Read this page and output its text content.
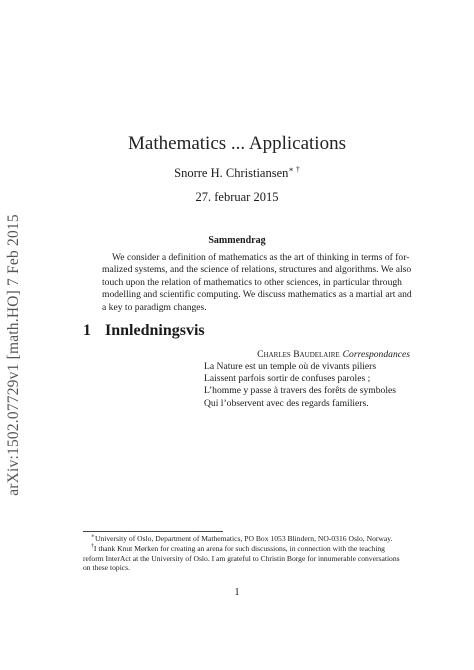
arXiv:1502.07729v1 [math.HO] 7 Feb 2015
Mathematics ... Applications
Snorre H. Christiansen∗ †
27. februar 2015
Sammendrag
We consider a definition of mathematics as the art of thinking in terms of for-
malized systems, and the science of relations, structures and algorithms. We also
touch upon the relation of mathematics to other sciences, in particular through
modelling and scientific computing. We discuss mathematics as a martial art and
a key to paradigm changes.
1 Innledningsvis
Charles Baudelaire Correspondances
La Nature est un temple où de vivants piliers
Laissent parfois sortir de confuses paroles ;
L’homme y passe à travers des forêts de symboles
Qui l’observent avec des regards familiers.
∗University of Oslo, Department of Mathematics, PO Box 1053 Blindern, NO-0316 Oslo, Norway.
†I thank Knut Mørken for creating an arena for such discussions, in connection with the teaching
reform InterAct at the University of Oslo. I am grateful to Christin Borge for innumerable conversations
on these topics.
1
